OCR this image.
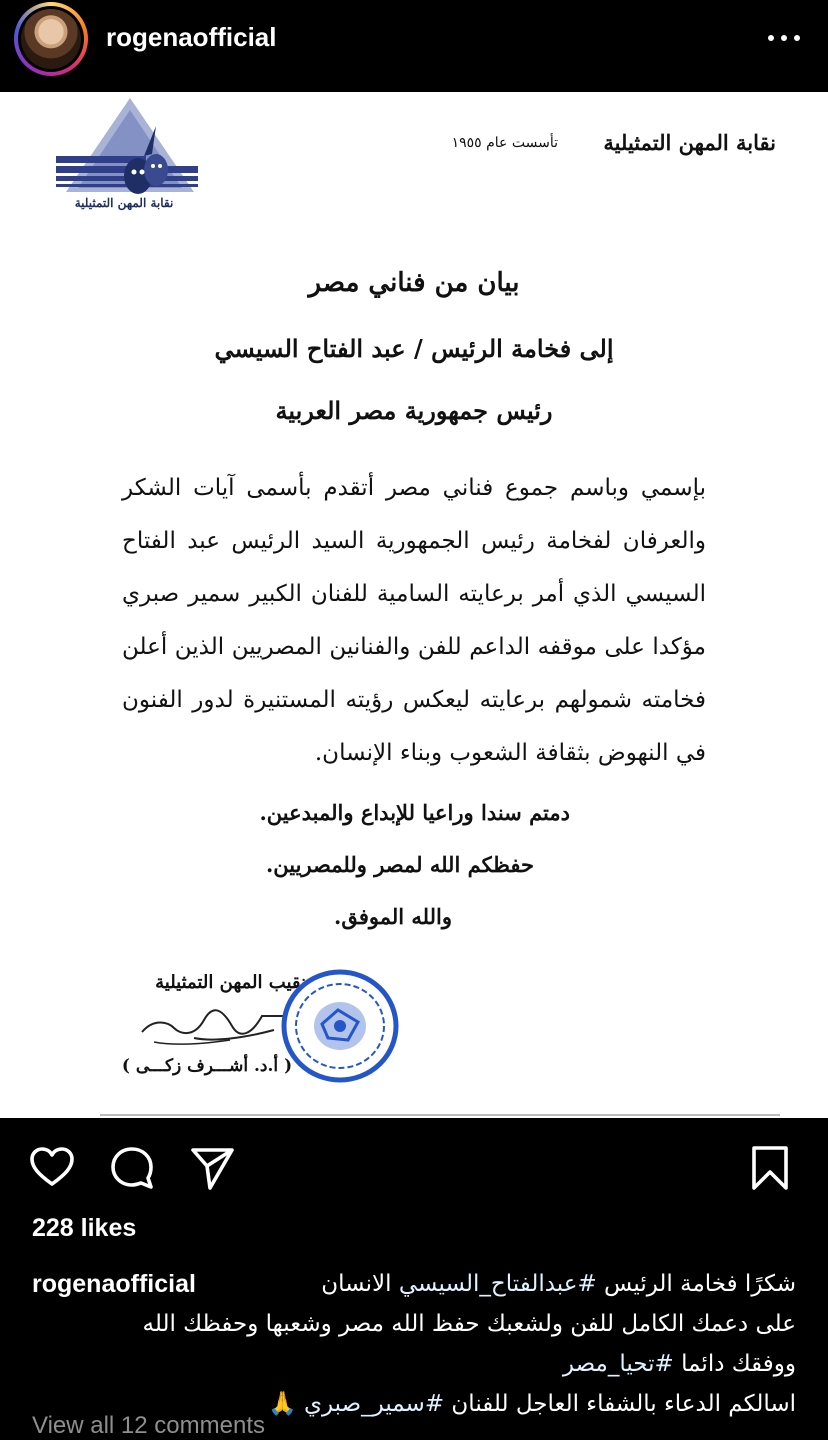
rogenaofficial
نقابة المهن التمثيلية
نقابة المهن التمثيلية
تأسست عام ١٩٥٥
بيان من فناني مصر
إلى فخامة الرئيس / عبد الفتاح السيسي
رئيس جمهورية مصر العربية
بإسمي وباسم جموع فناني مصر أتقدم بأسمى آيات الشكر والعرفان لفخامة رئيس الجمهورية السيد الرئيس عبد الفتاح السيسي الذي أمر برعايته السامية للفنان الكبير سمير صبري مؤكدا على موقفه الداعم للفن والفنانين المصريين الذين أعلن فخامته شمولهم برعايته ليعكس رؤيته المستنيرة لدور الفنون في النهوض بثقافة الشعوب وبناء الإنسان.
دمتم سندا وراعيا للإبداع والمبدعين.
حفظكم الله لمصر وللمصريين.
والله الموفق.
نقيب المهن التمثيلية
( أ.د. أشـــرف زكـــى )
228 likes
rogenaofficial	شكرًا فخامة الرئيس #عبدالفتاح_السيسي الانسان
على دعمك الكامل للفن ولشعبك حفظ الله مصر وشعبها وحفظك الله
ووفقك دائما #تحيا_مصر
اسالكم الدعاء بالشفاء العاجل للفنان #سمير_صبري 🙏
View all 12 comments
